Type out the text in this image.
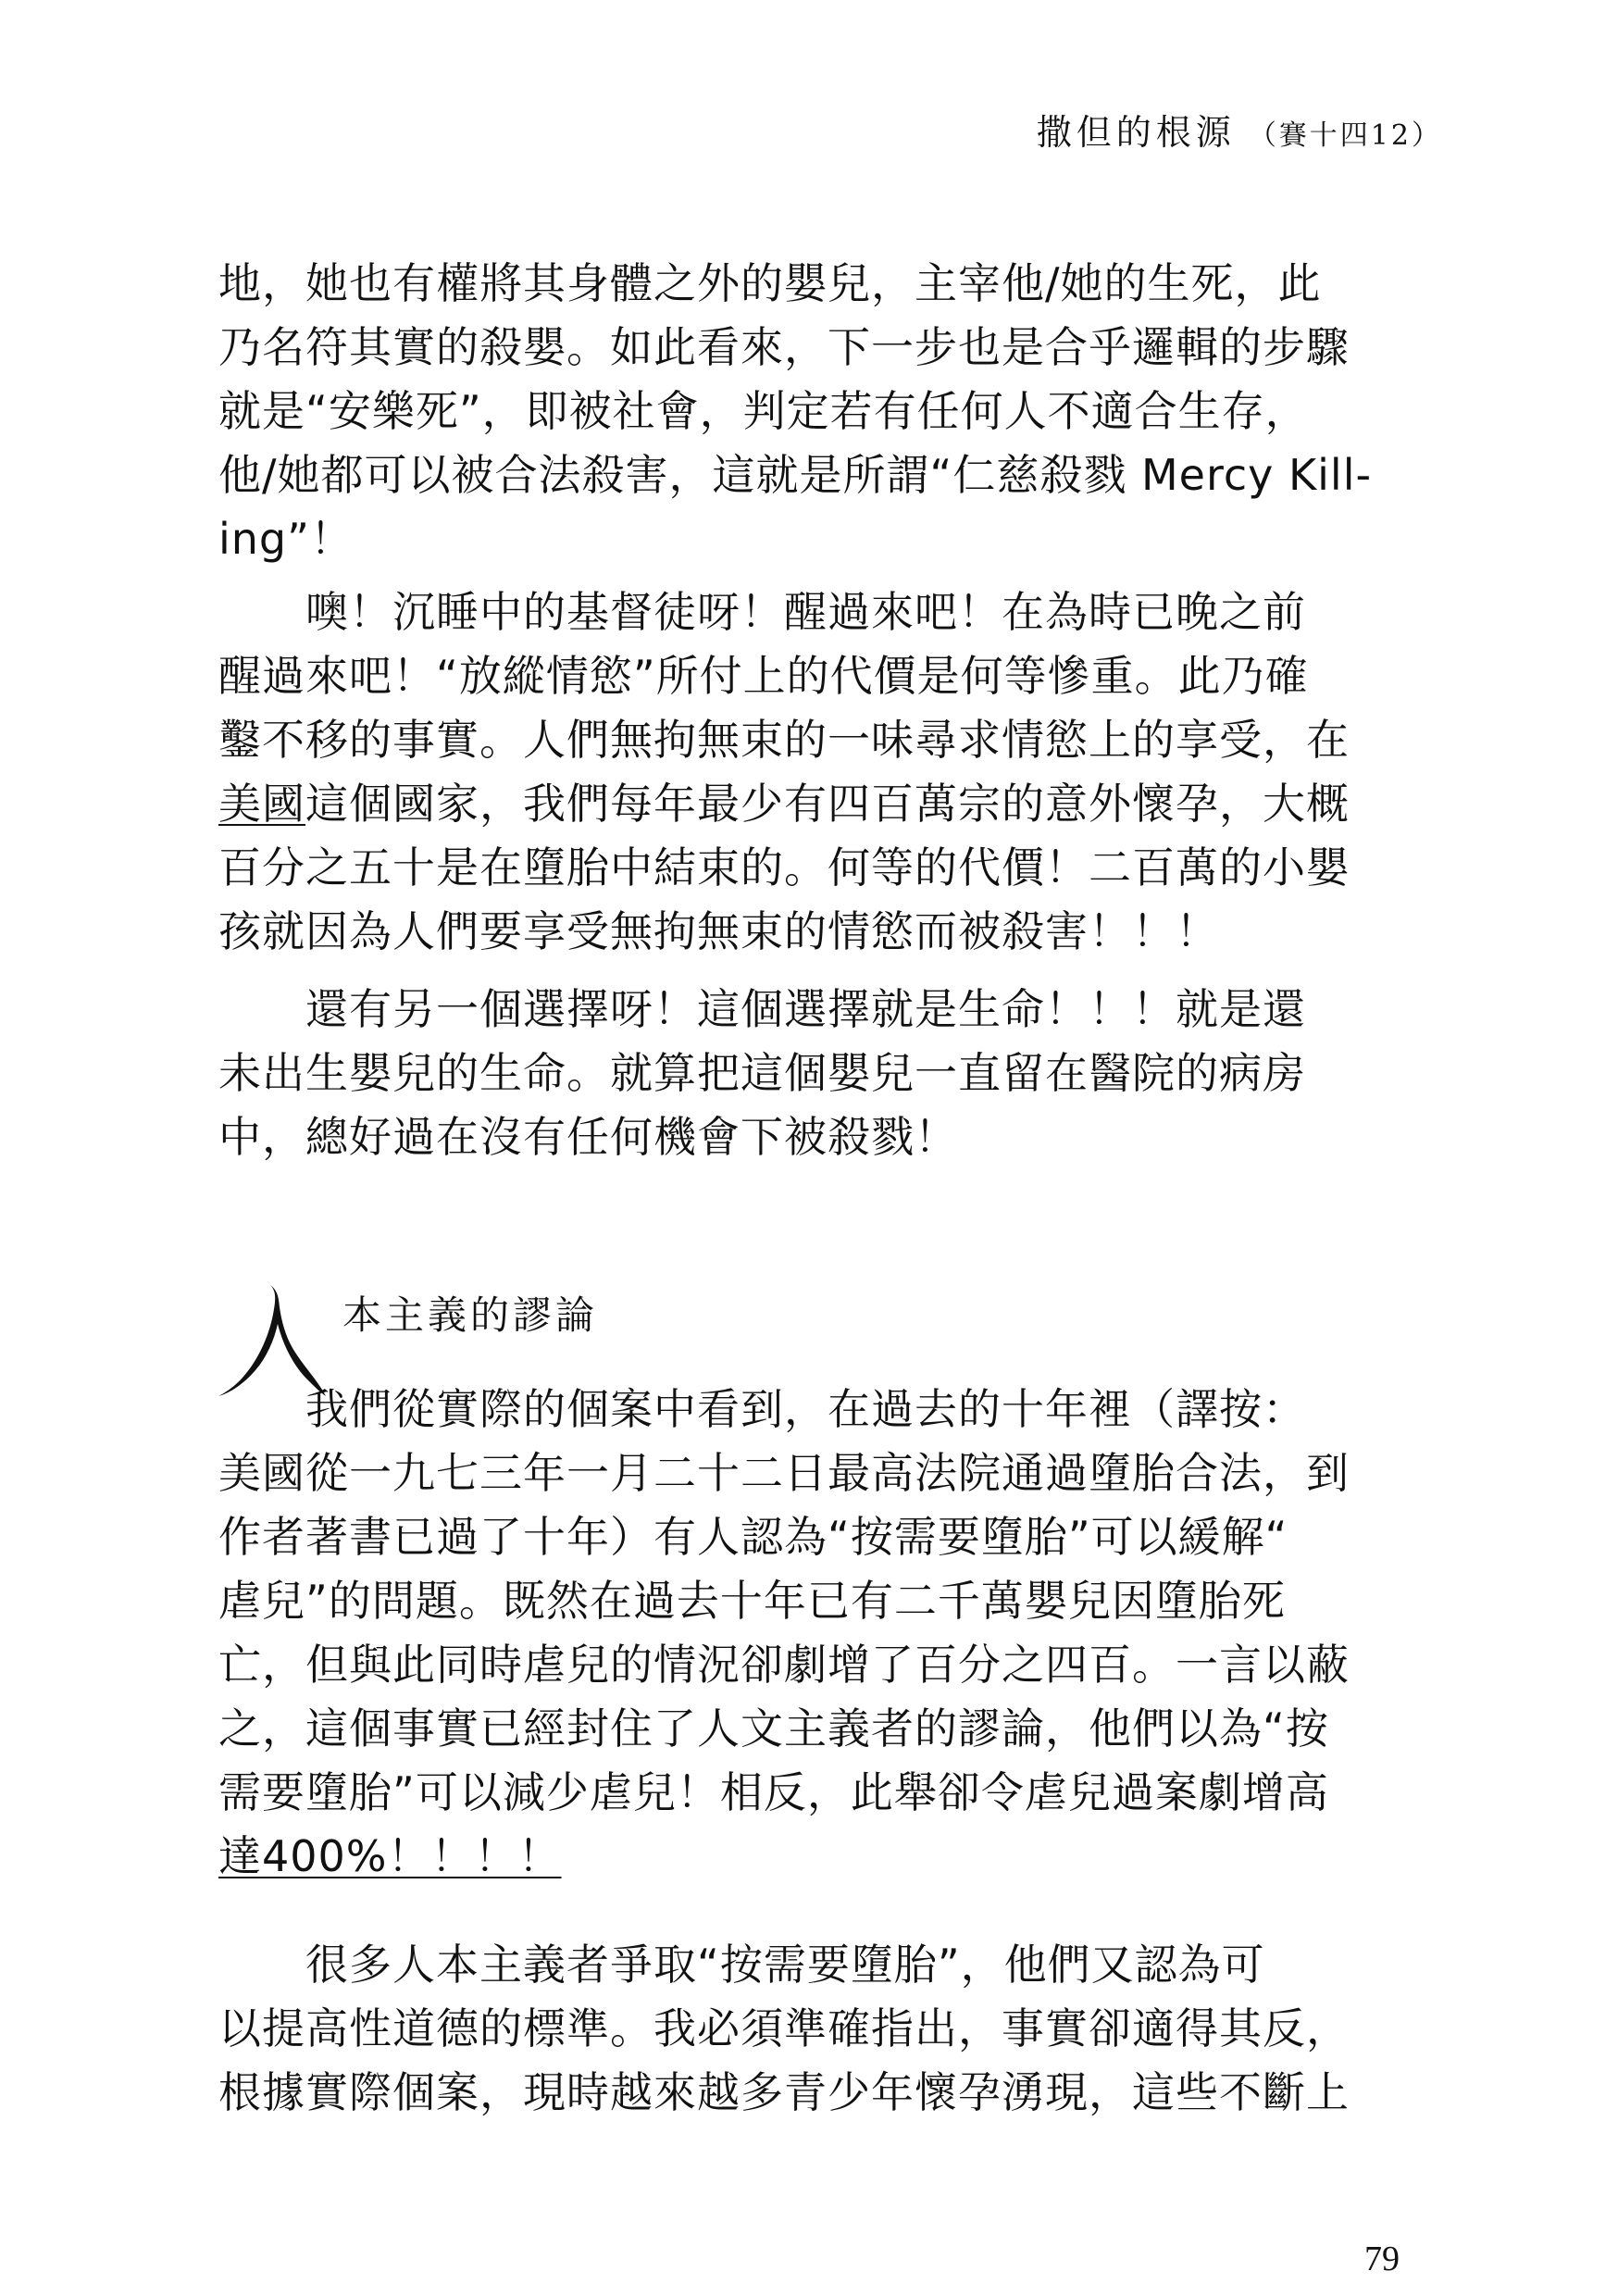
撒但的根源 （賽十四12）

地，她也有權將其身體之外的嬰兒，主宰他/她的生死，此

乃名符其實的殺嬰。如此看來，下一步也是合乎邏輯的步驟

就是“安樂死”，即被社會，判定若有任何人不適合生存，

他/她都可以被合法殺害，這就是所謂“仁慈殺戮 Mercy Kill-

ing”！

　　噢！沉睡中的基督徒呀！醒過來吧！在為時已晚之前

醒過來吧！“放縱情慾”所付上的代價是何等慘重。此乃確

鑿不移的事實。人們無拘無束的一味尋求情慾上的享受，在

美國這個國家，我們每年最少有四百萬宗的意外懷孕，大概

百分之五十是在墮胎中結束的。何等的代價！二百萬的小嬰

孩就因為人們要享受無拘無束的情慾而被殺害！！！

　　還有另一個選擇呀！這個選擇就是生命！！！就是還

未出生嬰兒的生命。就算把這個嬰兒一直留在醫院的病房

中，總好過在沒有任何機會下被殺戮！

本主義的謬論

　　我們從實際的個案中看到，在過去的十年裡（譯按：

美國從一九七三年一月二十二日最高法院通過墮胎合法，到

作者著書已過了十年）有人認為“按需要墮胎”可以緩解“

虐兒”的問題。既然在過去十年已有二千萬嬰兒因墮胎死

亡，但與此同時虐兒的情況卻劇增了百分之四百。一言以蔽

之，這個事實已經封住了人文主義者的謬論，他們以為“按

需要墮胎”可以減少虐兒！相反，此舉卻令虐兒過案劇增高

達400%！！！！

　　很多人本主義者爭取“按需要墮胎”，他們又認為可

以提高性道德的標準。我必須準確指出，事實卻適得其反，

根據實際個案，現時越來越多青少年懷孕湧現，這些不斷上

79
